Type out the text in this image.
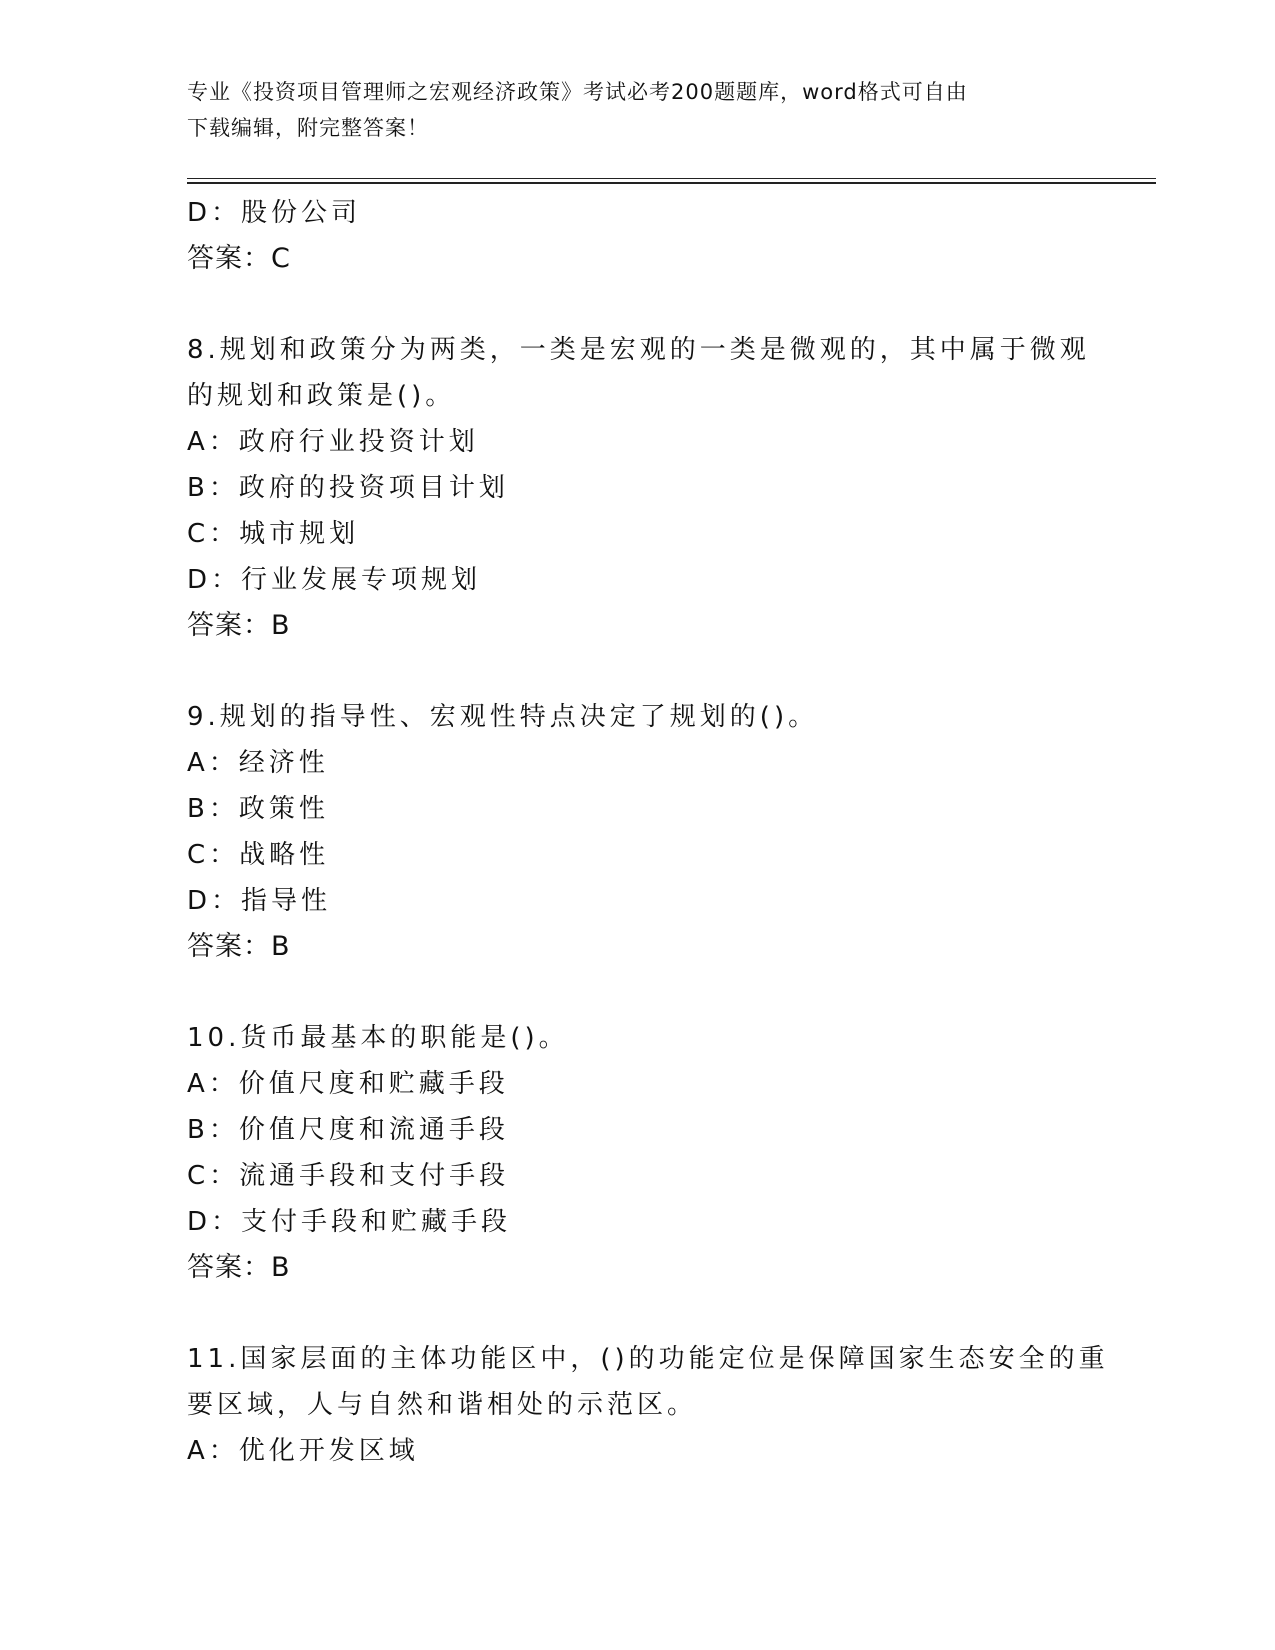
专业《投资项目管理师之宏观经济政策》考试必考200题题库，word格式可自由
下载编辑，附完整答案！
D：股份公司
答案：C
8.规划和政策分为两类，一类是宏观的一类是微观的，其中属于微观
的规划和政策是()。
A：政府行业投资计划
B：政府的投资项目计划
C：城市规划
D：行业发展专项规划
答案：B
9.规划的指导性、宏观性特点决定了规划的()。
A：经济性
B：政策性
C：战略性
D：指导性
答案：B
10.货币最基本的职能是()。
A：价值尺度和贮藏手段
B：价值尺度和流通手段
C：流通手段和支付手段
D：支付手段和贮藏手段
答案：B
11.国家层面的主体功能区中，()的功能定位是保障国家生态安全的重
要区域，人与自然和谐相处的示范区。
A：优化开发区域
